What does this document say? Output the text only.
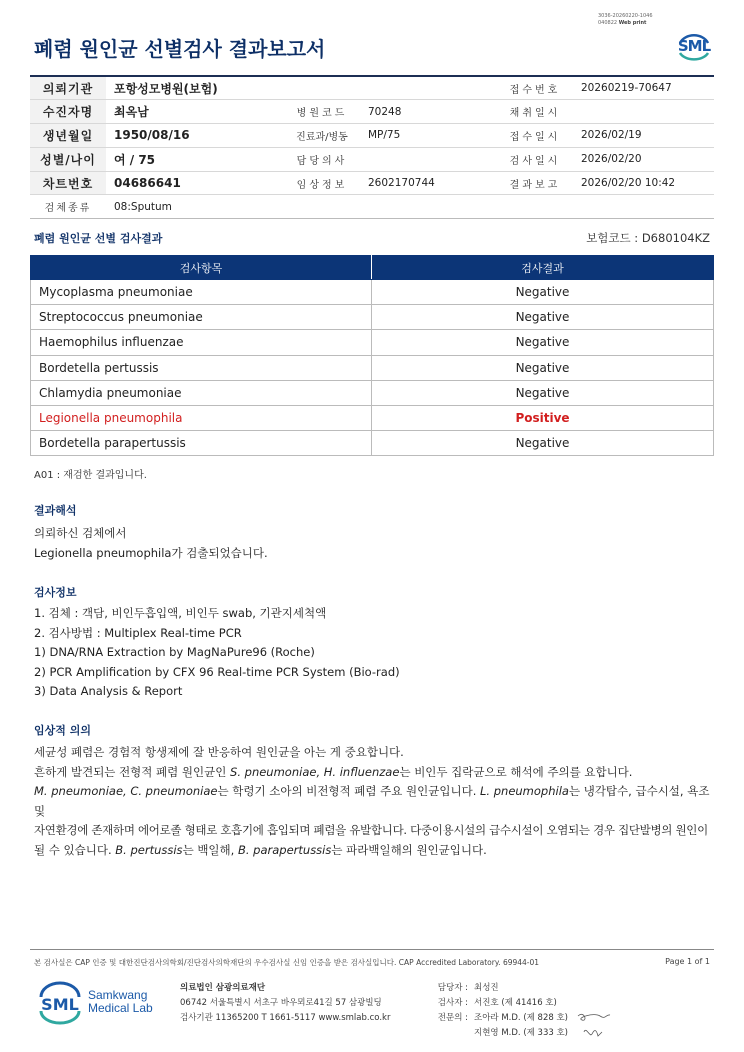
3036-20260220-1046
040822 Web print
폐렴 원인균 선별검사 결과보고서	SML
의뢰기관	포항성모병원(보험)			접수번호	20260219-70647
수진자명	최옥남	병원코드	70248	채취일시	
생년월일	1950/08/16	진료과/병동	MP/75	접수일시	2026/02/19
성별/나이	여 / 75	담당의사		검사일시	2026/02/20
차트번호	04686641	임상정보	2602170744	결과보고	2026/02/20 10:42
검체종류	08:Sputum				
폐렴 원인균 선별 검사결과	보험코드 : D680104KZ
검사항목	검사결과
Mycoplasma pneumoniae	Negative
Streptococcus pneumoniae	Negative
Haemophilus influenzae	Negative
Bordetella pertussis	Negative
Chlamydia pneumoniae	Negative
Legionella pneumophila	Positive
Bordetella parapertussis	Negative
A01 : 재검한 결과입니다.
결과해석
의뢰하신 검체에서
Legionella pneumophila가 검출되었습니다.
검사정보
1. 검체 : 객담, 비인두흡입액, 비인두 swab, 기관지세척액
2. 검사방법 : Multiplex Real-time PCR
1) DNA/RNA Extraction by MagNaPure96 (Roche)
2) PCR Amplification by CFX 96 Real-time PCR System (Bio-rad)
3) Data Analysis & Report
임상적 의의
세균성 폐렴은 경험적 항생제에 잘 반응하여 원인균을 아는 게 중요합니다.
흔하게 발견되는 전형적 폐렴 원인균인 S. pneumoniae, H. influenzae는 비인두 집락균으로 해석에 주의를 요합니다.
M. pneumoniae, C. pneumoniae는 학령기 소아의 비전형적 폐렴 주요 원인균입니다. L. pneumophila는 냉각탑수, 급수시설, 욕조 및
자연환경에 존재하며 에어로졸 형태로 호흡기에 흡입되며 폐렴을 유발합니다. 다중이용시설의 급수시설이 오염되는 경우 집단발병의 원인이
될 수 있습니다. B. pertussis는 백일해, B. parapertussis는 파라백일해의 원인균입니다.
본 검사실은 CAP 인증 및 대한진단검사의학회/진단검사의학재단의 우수검사실 신임 인증을 받은 검사실입니다. CAP Accredited Laboratory. 69944-01	Page 1 of 1
SML Samkwang
Medical Lab
의료법인 삼광의료재단
06742 서울특별시 서초구 바우뫼로41길 57 삼광빌딩
검사기관 11365200 T 1661-5117 www.smlab.co.kr
담당자 : 최성진
검사자 : 서진호 (제 41416 호)
전문의 : 조아라 M.D. (제 828 호)
지현영 M.D. (제 333 호)
